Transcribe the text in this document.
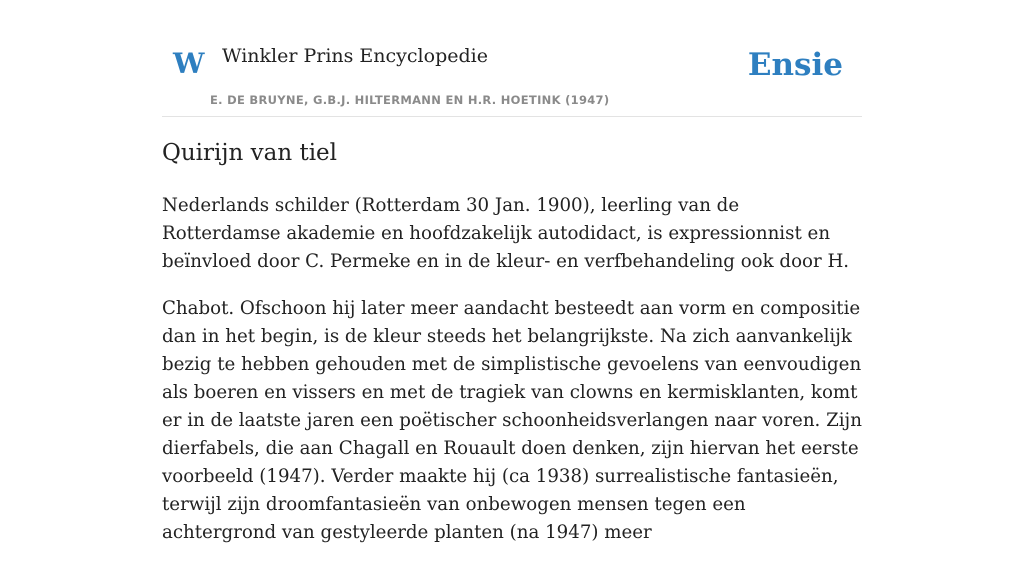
W Winkler Prins Encyclopedie
E. DE BRUYNE, G.B.J. HILTERMANN EN H.R. HOETINK (1947)
Ensie
Quirijn van tiel

Nederlands schilder (Rotterdam 30 Jan. 1900), leerling van de Rotterdamse akademie en hoofdzakelijk autodidact, is expressionnist en beïnvloed door C. Permeke en in de kleur- en verfbehandeling ook door H.

Chabot. Ofschoon hij later meer aandacht besteedt aan vorm en compositie dan in het begin, is de kleur steeds het belangrijkste. Na zich aanvankelijk bezig te hebben gehouden met de simplistische gevoelens van eenvoudigen als boeren en vissers en met de tragiek van clowns en kermisklanten, komt er in de laatste jaren een poëtischer schoonheidsverlangen naar voren. Zijn dierfabels, die aan Chagall en Rouault doen denken, zijn hiervan het eerste voorbeeld (1947). Verder maakte hij (ca 1938) surrealistische fantasieën, terwijl zijn droomfantasieën van onbewogen mensen tegen een achtergrond van gestyleerde planten (na 1947) meer
